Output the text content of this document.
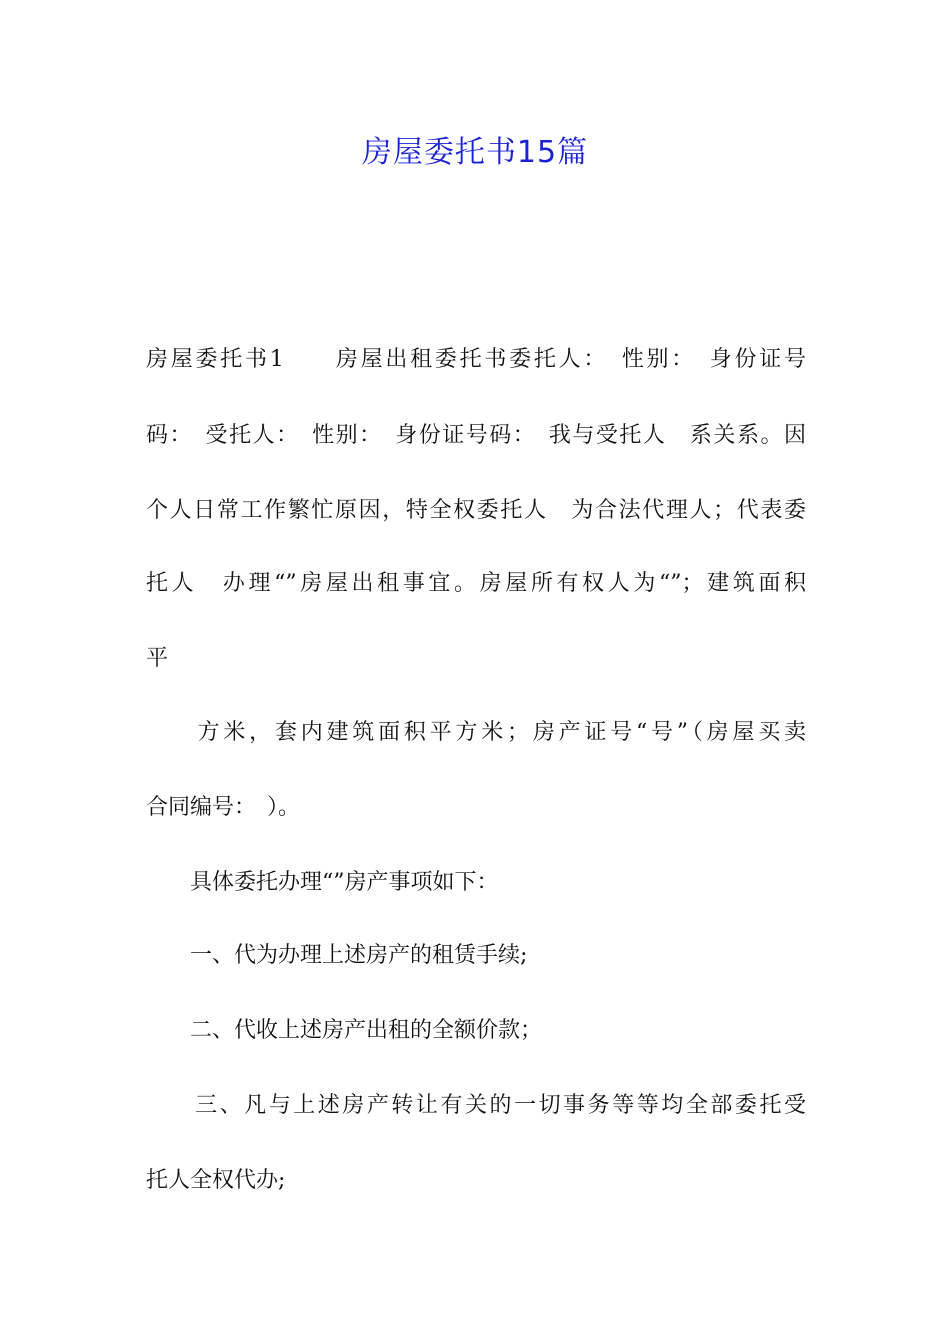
房屋委托书15篇
房屋委托书1　　房屋出租委托书委托人：　性别：　身份证号
码：　受托人：　性别：　身份证号码：　我与受托人　系关系。因
个人日常工作繁忙原因，特全权委托人　为合法代理人；代表委
托人　办理“”房屋出租事宜。房屋所有权人为“”；建筑面积
平
　　方米，套内建筑面积平方米；房产证号“号”（房屋买卖
合同编号：　）。
　　具体委托办理“”房产事项如下：
　　一、代为办理上述房产的租赁手续;
　　二、代收上述房产出租的全额价款；
　　三、凡与上述房产转让有关的一切事务等等均全部委托受
托人全权代办;
